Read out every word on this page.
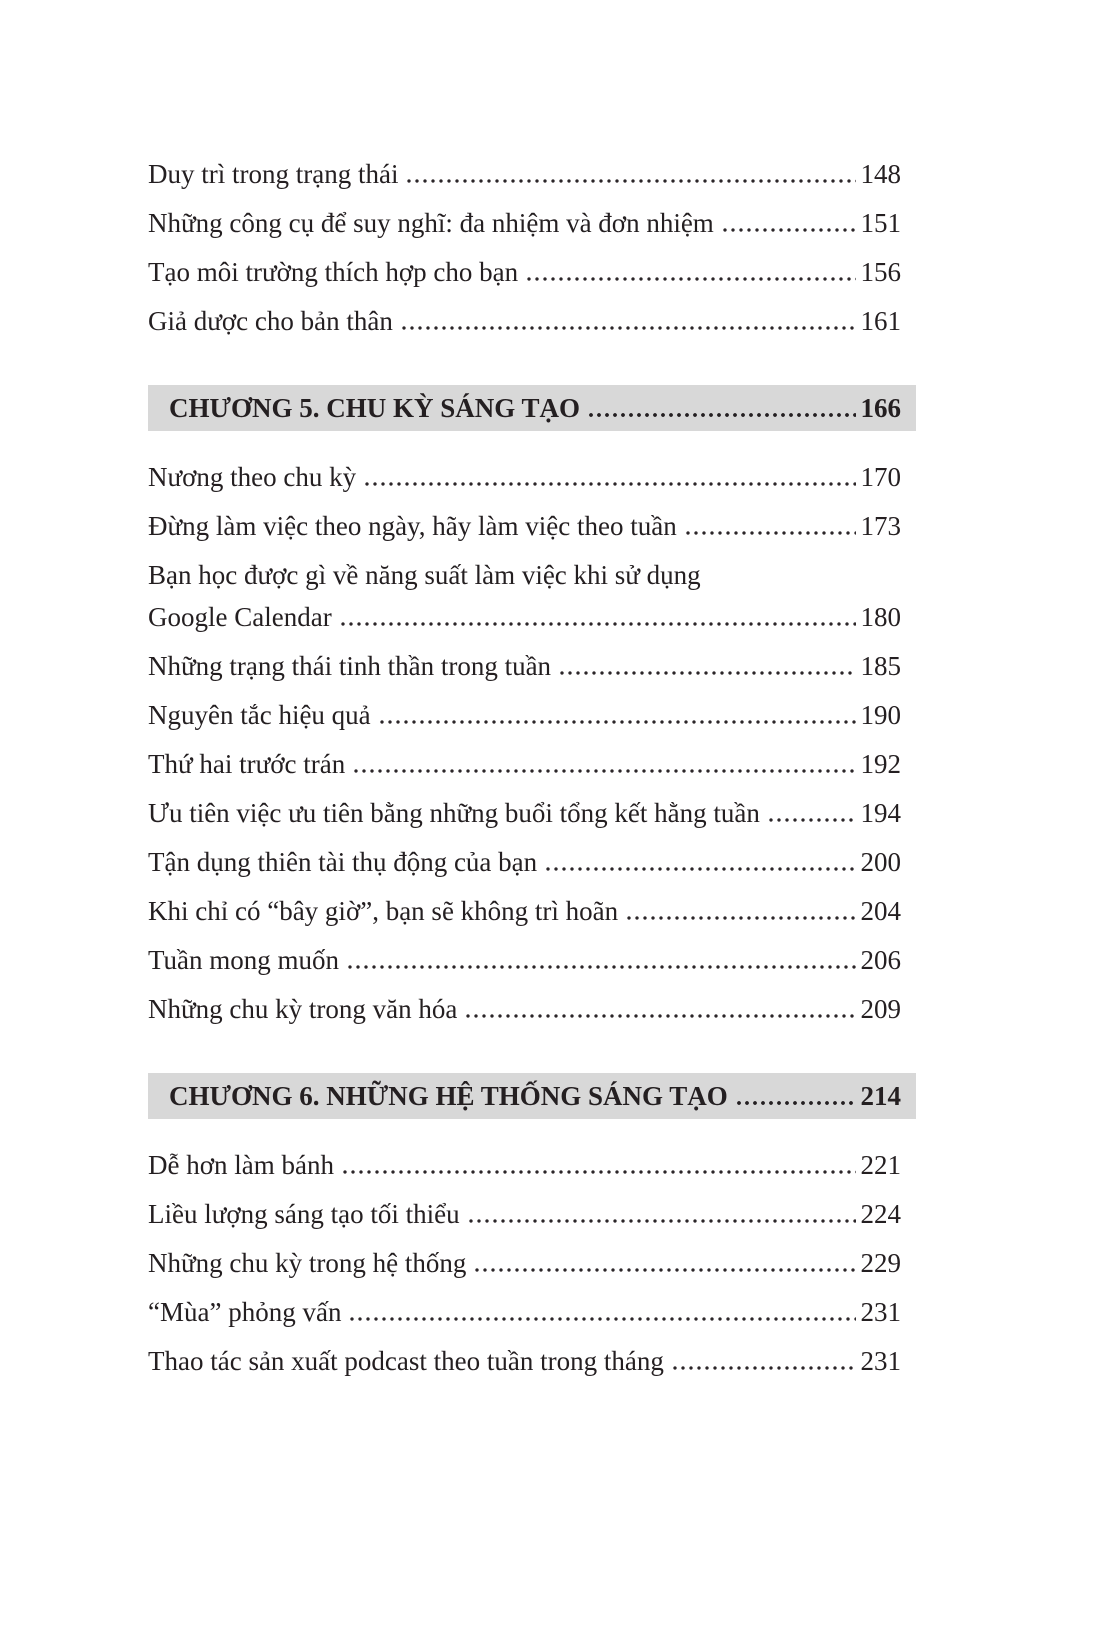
Duy trì trong trạng thái	148
Những công cụ để suy nghĩ: đa nhiệm và đơn nhiệm	151
Tạo môi trường thích hợp cho bạn	156
Giả dược cho bản thân	161
CHƯƠNG 5. CHU KỲ SÁNG TẠO	166
Nương theo chu kỳ	170
Đừng làm việc theo ngày, hãy làm việc theo tuần	173
Bạn học được gì về năng suất làm việc khi sử dụng
Google Calendar	180
Những trạng thái tinh thần trong tuần	185
Nguyên tắc hiệu quả	190
Thứ hai trước trán	192
Ưu tiên việc ưu tiên bằng những buổi tổng kết hằng tuần	194
Tận dụng thiên tài thụ động của bạn	200
Khi chỉ có “bây giờ”, bạn sẽ không trì hoãn	204
Tuần mong muốn	206
Những chu kỳ trong văn hóa	209
CHƯƠNG 6. NHỮNG HỆ THỐNG SÁNG TẠO	214
Dễ hơn làm bánh	221
Liều lượng sáng tạo tối thiểu	224
Những chu kỳ trong hệ thống	229
“Mùa” phỏng vấn	231
Thao tác sản xuất podcast theo tuần trong tháng	231
